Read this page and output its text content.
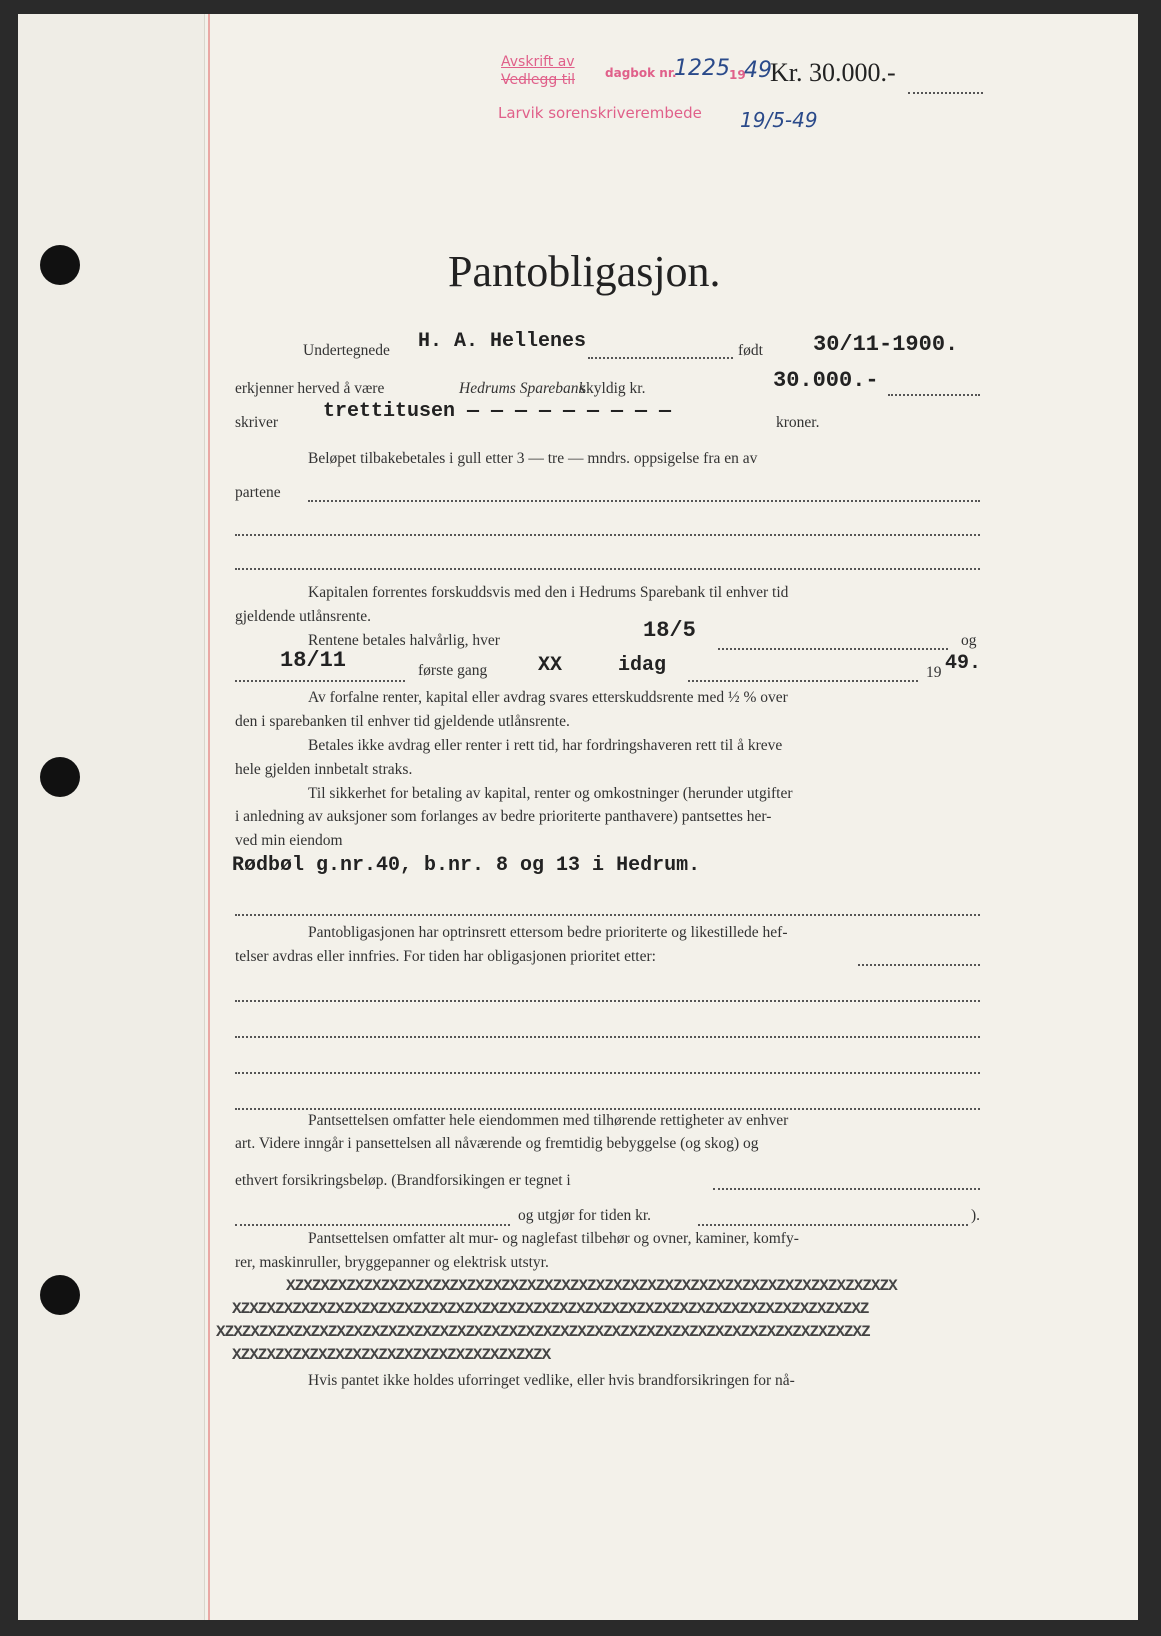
Avskrift av
Vedlegg til	dagbok nr.
1225 19
49
Kr. 30.000.-
Larvik sorenskriverembede 19/5-49
Pantobligasjon.
Undertegnede H. A. Hellenes	født 30/11-1900.
erkjenner herved å være	Hedrums Sparebank
skyldig kr.	30.000.-
skriver trettitusen — — — — — — — — —	kroner.
Beløpet tilbakebetales i gull etter 3 — tre — mndrs. oppsigelse fra en av
partene
Kapitalen forrentes forskuddsvis med den i Hedrums Sparebank til enhver tid
gjeldende utlånsrente.
Rentene betales halvårlig, hver	18/5	og
18/11	første gang	XX	idag	19 49.
Av forfalne renter, kapital eller avdrag svares etterskuddsrente med ½ % over
den i sparebanken til enhver tid gjeldende utlånsrente.
Betales ikke avdrag eller renter i rett tid, har fordringshaveren rett til å kreve
hele gjelden innbetalt straks.
Til sikkerhet for betaling av kapital, renter og omkostninger (herunder utgifter
i anledning av auksjoner som forlanges av bedre prioriterte panthavere) pantsettes her-
ved min eiendom
Rødbøl g.nr.40, b.nr. 8 og 13 i Hedrum.
Pantobligasjonen har optrinsrett ettersom bedre prioriterte og likestillede hef-
telser avdras eller innfries. For tiden har obligasjonen prioritet etter:
Pantsettelsen omfatter hele eiendommen med tilhørende rettigheter av enhver
art. Videre inngår i pansettelsen all nåværende og fremtidig bebyggelse (og skog) og
ethvert forsikringsbeløp. (Brandforsikingen er tegnet i
og utgjør for tiden kr.	).
Pantsettelsen omfatter alt mur- og naglefast tilbehør og ovner, kaminer, komfy-
rer, maskinruller, bryggepanner og elektrisk utstyr.
XZXZXZXZXZXZXZXZXZXZXZXZXZXZXZXZXZXZXZXZXZXZXZXZXZXZXZXZXZXZXZXZXZXZXZX
XZXZXZXZXZXZXZXZXZXZXZXZXZXZXZXZXZXZXZXZXZXZXZXZXZXZXZXZXZXZXZXZXZXZXZXZXZ
XZXZXZXZXZXZXZXZXZXZXZXZXZXZXZXZXZXZXZXZXZXZXZXZXZXZXZXZXZXZXZXZXZXZXZXZXZXZ
XZXZXZXZXZXZXZXZXZXZXZXZXZXZXZXZXZXZX
Hvis pantet ikke holdes uforringet vedlike, eller hvis brandforsikringen for nå-
